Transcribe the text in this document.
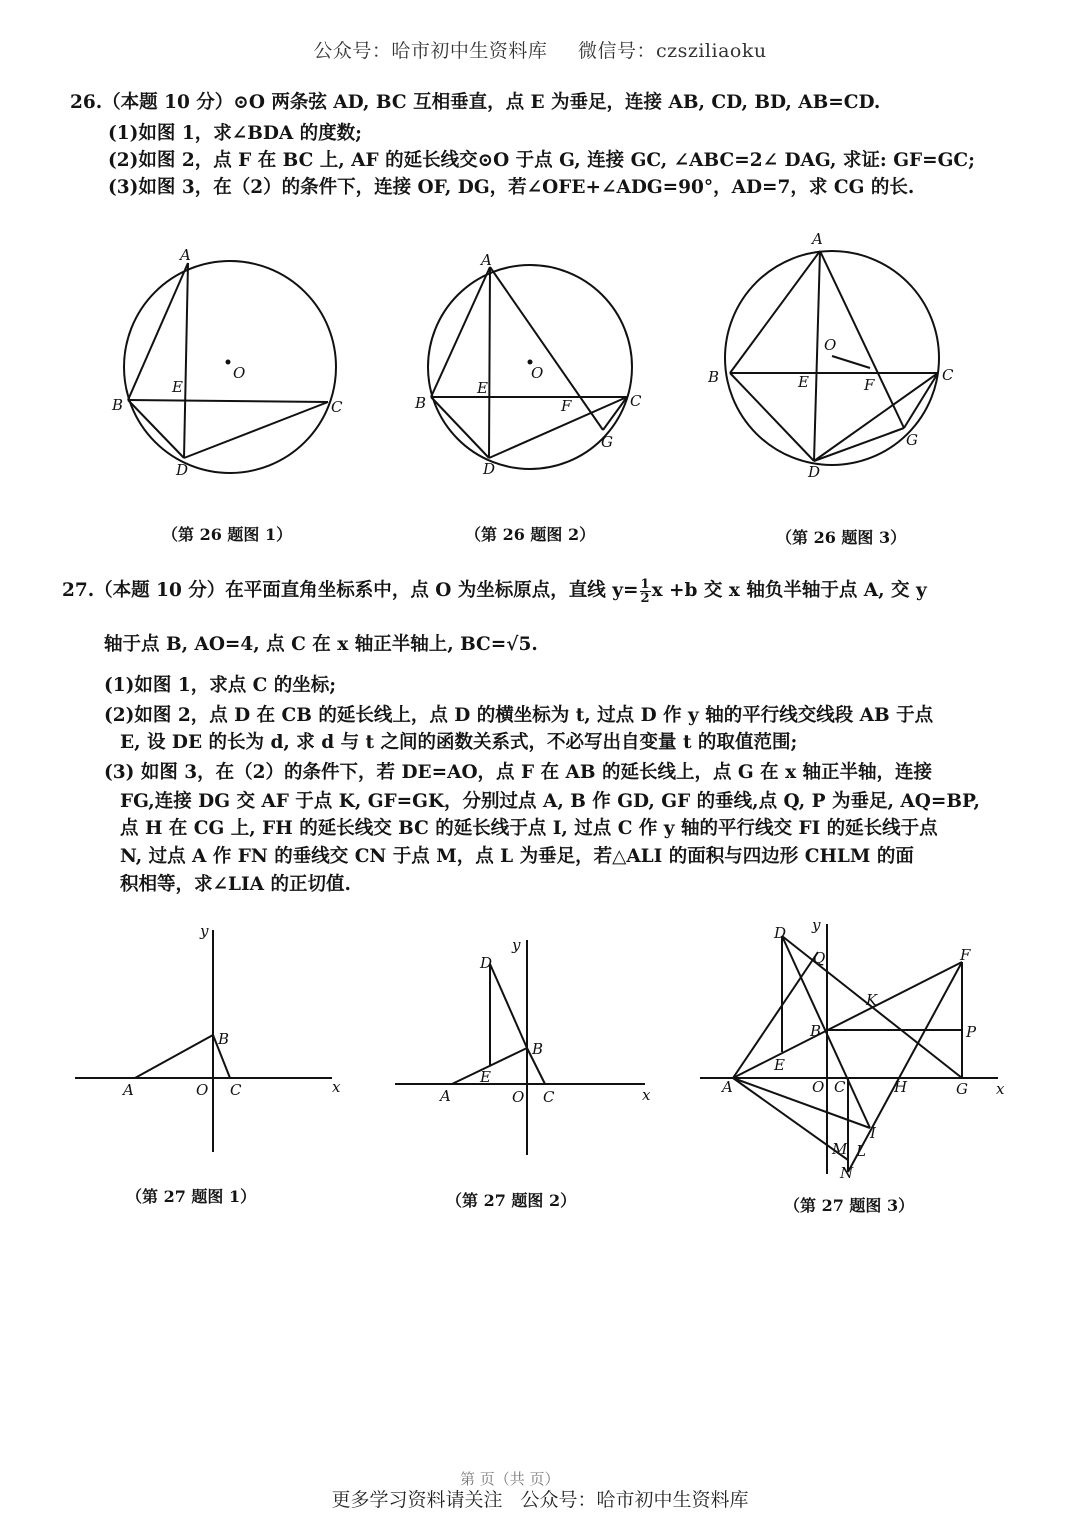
公众号：哈市初中生资料库 微信号：czsziliaoku
26.（本题 10 分）⊙O 两条弦 AD, BC 互相垂直，点 E 为垂足，连接 AB, CD, BD, AB=CD.
(1)如图 1，求∠BDA 的度数;
(2)如图 2，点 F 在 BC 上, AF 的延长线交⊙O 于点 G, 连接 GC, ∠ABC=2∠ DAG, 求证: GF=GC;
(3)如图 3，在（2）的条件下，连接 OF, DG，若∠OFE+∠ADG=90°，AD=7，求 CG 的长.
A
B	C
D
E
O
（第 26 题图 1）
A
B	C
D
E
F
G
O
（第 26 题图 2）
A
B	C
D
E	F
G
O
（第 26 题图 3）
27.（本题 10 分）在平面直角坐标系中，点 O 为坐标原点，直线 $y= \frac{1}{2}$ x +b 交 x 轴负半轴于点 A, 交 y
轴于点 B, AO=4, 点 C 在 x 轴正半轴上, BC=√5.
(1)如图 1，求点 C 的坐标;
(2)如图 2，点 D 在 CB 的延长线上，点 D 的横坐标为 t, 过点 D 作 y 轴的平行线交线段 AB 于点
E, 设 DE 的长为 d, 求 d 与 t 之间的函数关系式，不必写出自变量 t 的取值范围;
(3) 如图 3，在（2）的条件下，若 DE=AO，点 F 在 AB 的延长线上，点 G 在 x 轴正半轴，连接
FG,连接 DG 交 AF 于点 K, GF=GK，分别过点 A, B 作 GD, GF 的垂线,点 Q, P 为垂足, AQ=BP,
点 H 在 CG 上, FH 的延长线交 BC 的延长线于点 I, 过点 C 作 y 轴的平行线交 FI 的延长线于点
N, 过点 A 作 FN 的垂线交 CN 于点 M，点 L 为垂足，若△ALI 的面积与四边形 CHLM 的面
积相等，求∠LIA 的正切值.
y
x
A	O C
B
（第 27 题图 1）
y
x
A	O C
B
D
E
（第 27 题图 2）
y
x
D
Q	F
K
B	P
E
A	O C	H	G
I
M L
N
（第 27 题图 3）
第 页（共 页）
更多学习资料请关注 公众号：哈市初中生资料库
